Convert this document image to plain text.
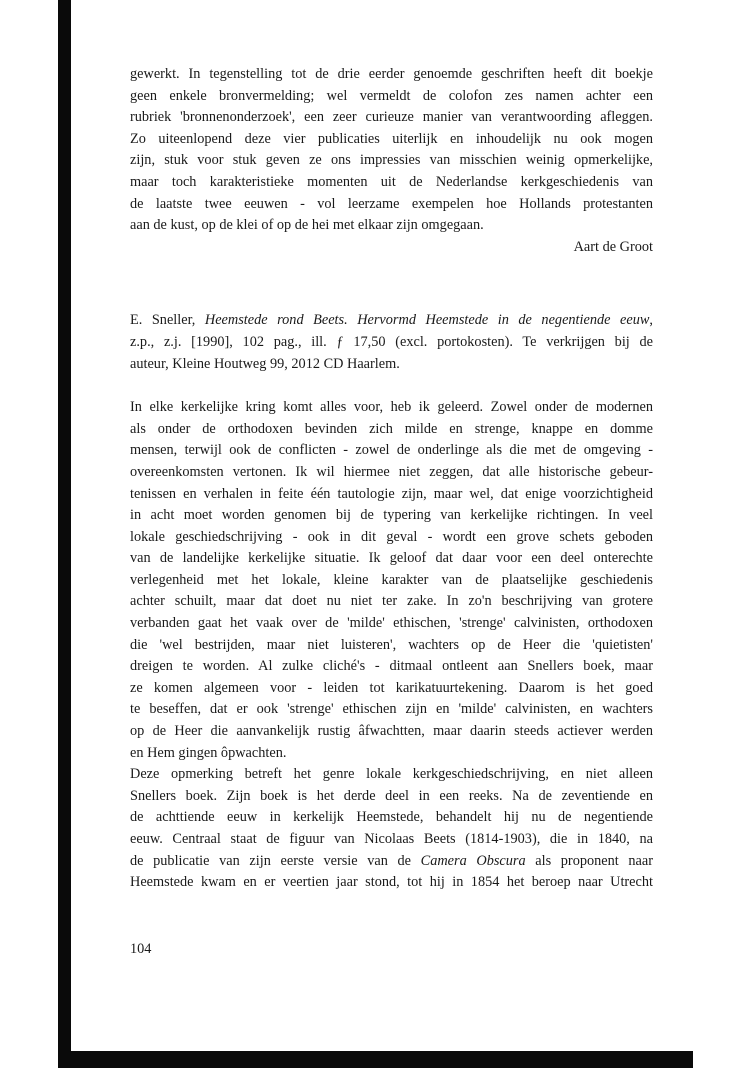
gewerkt. In tegenstelling tot de drie eerder genoemde geschriften heeft dit boekje
geen enkele bronvermelding; wel vermeldt de colofon zes namen achter een
rubriek 'bronnenonderzoek', een zeer curieuze manier van verantwoording afleggen.
Zo uiteenlopend deze vier publicaties uiterlijk en inhoudelijk nu ook mogen
zijn, stuk voor stuk geven ze ons impressies van misschien weinig opmerkelijke,
maar toch karakteristieke momenten uit de Nederlandse kerkgeschiedenis van
de laatste twee eeuwen - vol leerzame exempelen hoe Hollands protestanten
aan de kust, op de klei of op de hei met elkaar zijn omgegaan.

Aart de Groot

E. Sneller, Heemstede rond Beets. Hervormd Heemstede in de negentiende eeuw,
z.p., z.j. [1990], 102 pag., ill. ƒ 17,50 (excl. portokosten). Te verkrijgen bij de
auteur, Kleine Houtweg 99, 2012 CD Haarlem.

In elke kerkelijke kring komt alles voor, heb ik geleerd. Zowel onder de modernen
als onder de orthodoxen bevinden zich milde en strenge, knappe en domme
mensen, terwijl ook de conflicten - zowel de onderlinge als die met de omgeving -
overeenkomsten vertonen. Ik wil hiermee niet zeggen, dat alle historische gebeur-
tenissen en verhalen in feite één tautologie zijn, maar wel, dat enige voorzichtigheid
in acht moet worden genomen bij de typering van kerkelijke richtingen. In veel
lokale geschiedschrijving - ook in dit geval - wordt een grove schets geboden
van de landelijke kerkelijke situatie. Ik geloof dat daar voor een deel onterechte
verlegenheid met het lokale, kleine karakter van de plaatselijke geschiedenis
achter schuilt, maar dat doet nu niet ter zake. In zo'n beschrijving van grotere
verbanden gaat het vaak over de 'milde' ethischen, 'strenge' calvinisten, orthodoxen
die 'wel bestrijden, maar niet luisteren', wachters op de Heer die 'quietisten'
dreigen te worden. Al zulke cliché's - ditmaal ontleent aan Snellers boek, maar
ze komen algemeen voor - leiden tot karikatuurtekening. Daarom is het goed
te beseffen, dat er ook 'strenge' ethischen zijn en 'milde' calvinisten, en wachters
op de Heer die aanvankelijk rustig âfwachtten, maar daarin steeds actiever werden
en Hem gingen ôpwachten.

Deze opmerking betreft het genre lokale kerkgeschiedschrijving, en niet alleen
Snellers boek. Zijn boek is het derde deel in een reeks. Na de zeventiende en
de achttiende eeuw in kerkelijk Heemstede, behandelt hij nu de negentiende
eeuw. Centraal staat de figuur van Nicolaas Beets (1814-1903), die in 1840, na
de publicatie van zijn eerste versie van de Camera Obscura als proponent naar
Heemstede kwam en er veertien jaar stond, tot hij in 1854 het beroep naar Utrecht

104
